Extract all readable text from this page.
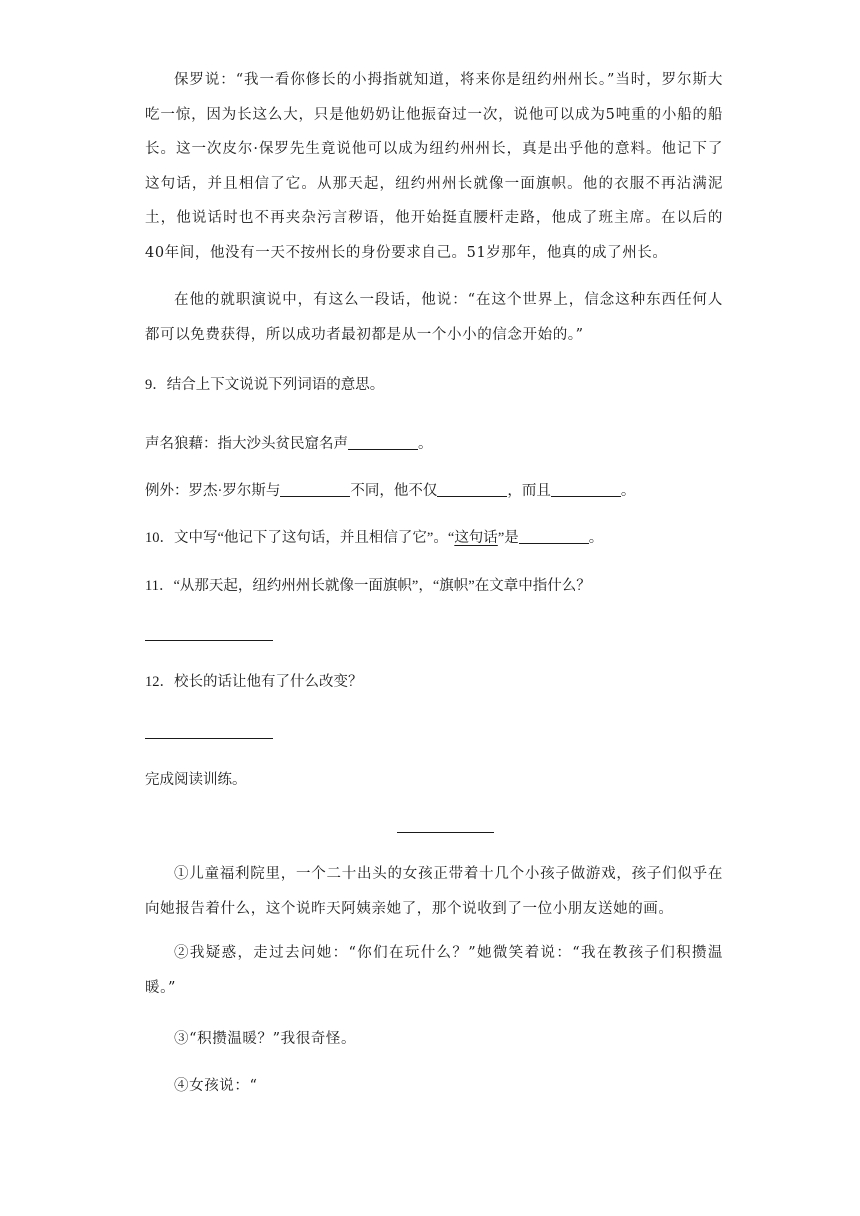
保罗说：“我一看你修长的小拇指就知道，将来你是纽约州州长。”当时，罗尔斯大吃一惊，因为长这么大，只是他奶奶让他振奋过一次，说他可以成为5吨重的小船的船长。这一次皮尔·保罗先生竟说他可以成为纽约州州长，真是出乎他的意料。他记下了这句话，并且相信了它。从那天起，纽约州州长就像一面旗帜。他的衣服不再沾满泥土，他说话时也不再夹杂污言秽语，他开始挺直腰杆走路，他成了班主席。在以后的40年间，他没有一天不按州长的身份要求自己。51岁那年，他真的成了州长。

在他的就职演说中，有这么一段话，他说：“在这个世界上，信念这种东西任何人都可以免费获得，所以成功者最初都是从一个小小的信念开始的。”

9．结合上下文说说下列词语的意思。

声名狼藉：指大沙头贫民窟名声	。

例外：罗杰·罗尔斯与	不同，他不仅	，而且	。

10．文中写“他记下了这句话，并且相信了它”。“这句话”是	。

11．“从那天起，纽约州州长就像一面旗帜”，“旗帜”在文章中指什么？

12．校长的话让他有了什么改变？

完成阅读训练。

①儿童福利院里，一个二十出头的女孩正带着十几个小孩子做游戏，孩子们似乎在向她报告着什么，这个说昨天阿姨亲她了，那个说收到了一位小朋友送她的画。

②我疑惑，走过去问她：“你们在玩什么？”她微笑着说：“我在教孩子们积攒温暖。”

③“积攒温暖？”我很奇怪。

④女孩说：“
